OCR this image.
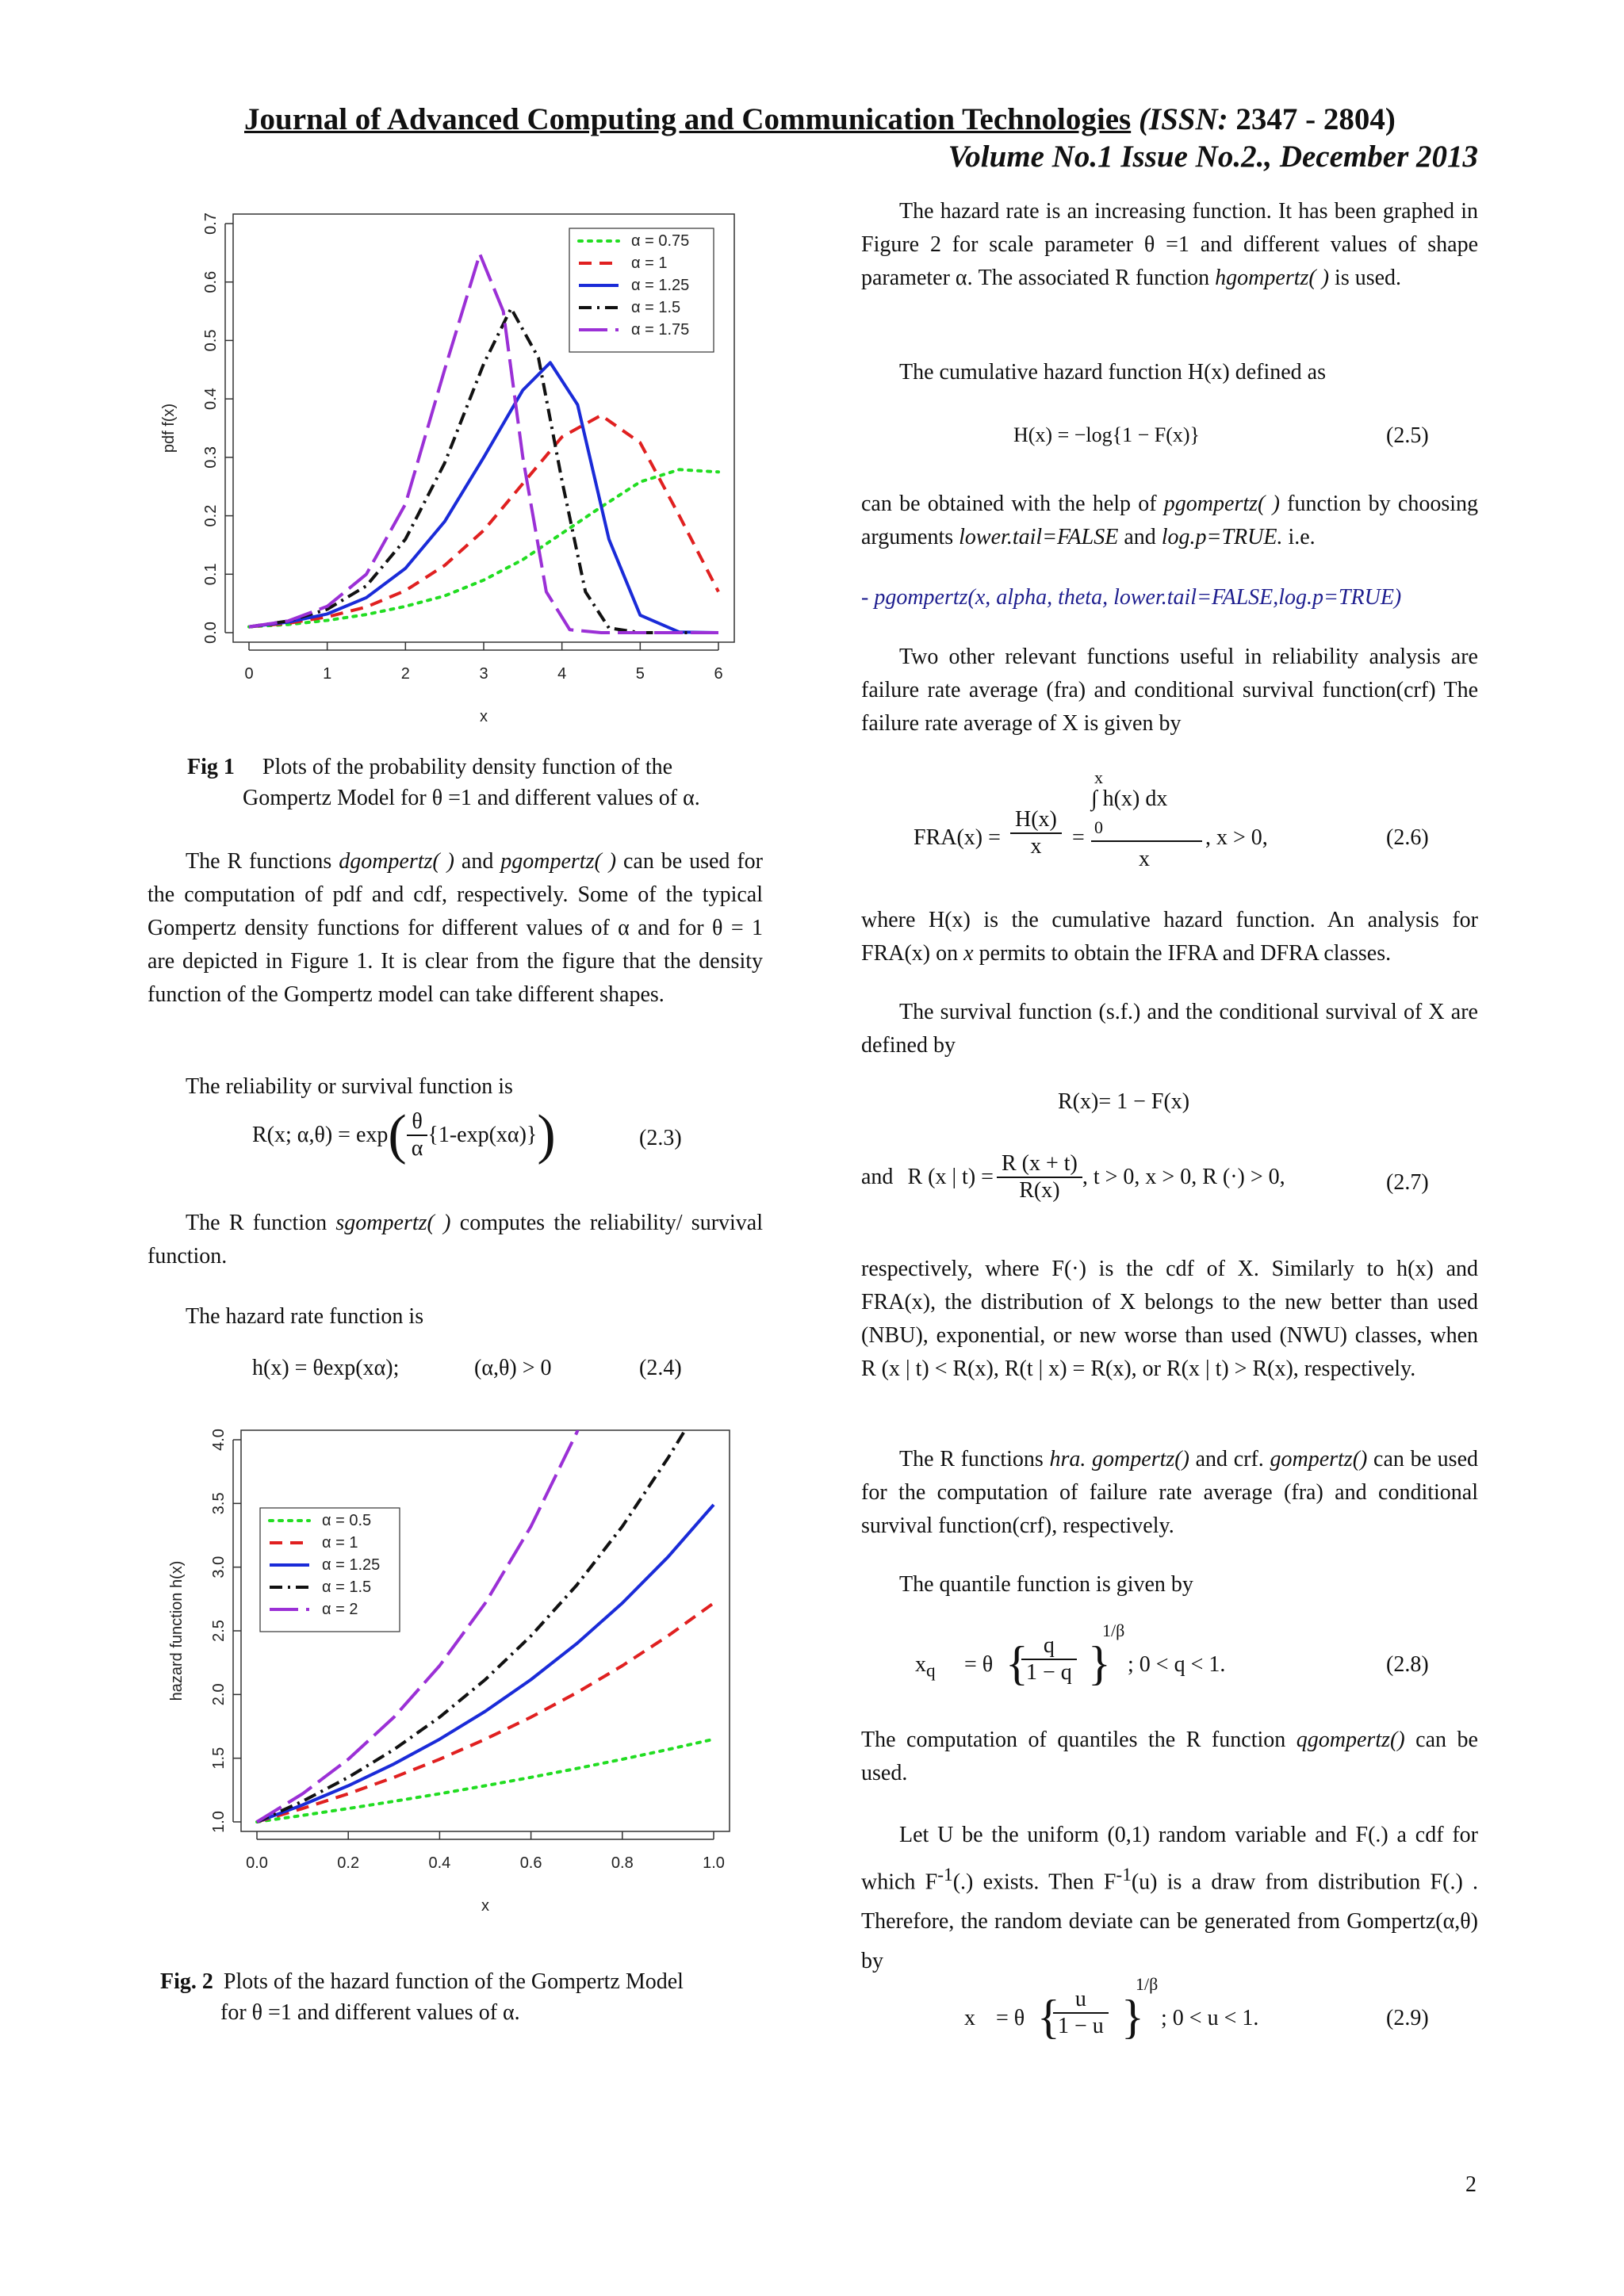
Journal of Advanced Computing and Communication Technologies (ISSN: 2347 - 2804)
Volume No.1 Issue No.2., December 2013
0	1	2	3	4	5	6
0.0
0.1
0.2
0.3
0.4
0.5
0.6
0.7
x
pdf f(x)
α = 0.75
α = 1
α = 1.25
α = 1.5
α = 1.75
Fig 1 Plots of the probability density function of the
Gompertz Model for θ =1 and different values of α.

The R functions dgompertz( ) and pgompertz( ) can be used for the computation of pdf and cdf, respectively. Some of the typical Gompertz density functions for different values of α and for θ = 1 are depicted in Figure 1. It is clear from the figure that the density function of the Gompertz model can take different shapes.

The reliability or survival function is

R(x; $\alpha,\theta) = \exp( \frac{\theta}{\alpha} \{1-\exp(x\alpha)\})$	(2.3)

The R function sgompertz( ) computes the reliability/ survival function.

The hazard rate function is

h(x) = θexp(xα);	(α,θ) > 0	(2.4)
0.0	0.2	0.4	0.6	0.8	1.0
1.0
1.5
2.0
2.5
3.0
3.5
4.0
x
hazard function h(x)
α = 0.5
α = 1
α = 1.25
α = 1.5
α = 2
Fig. 2 Plots of the hazard function of the Gompertz Model
for θ =1 and different values of α.

The hazard rate is an increasing function. It has been graphed in Figure 2 for scale parameter θ =1 and different values of shape parameter α. The associated R function hgompertz( ) is used.

The cumulative hazard function H(x) defined as

H(x) = −log{1 − F(x)}	(2.5)

can be obtained with the help of pgompertz( ) function by choosing arguments lower.tail=FALSE and log.p=TRUE. i.e.

- pgompertz(x, alpha, theta, lower.tail=FALSE,log.p=TRUE)

Two other relevant functions useful in reliability analysis are failure rate average (fra) and conditional survival function(crf) The failure rate average of X is given by

$FRA(x) = \frac{H(x)}{x}$ =
x
∫ h(x) dx
0
x
, x > 0,	(2.6)

where H(x) is the cumulative hazard function. An analysis for FRA(x) on x permits to obtain the IFRA and DFRA classes.

The survival function (s.f.) and the conditional survival of X are defined by

R(x)= 1 − F(x)
and R (x | $t) = \frac{R (x + t)}{R(x)}$ , t > 0, x > 0, R (·) > 0,	(2.7)

respectively, where F(·) is the cdf of X. Similarly to h(x) and FRA(x), the distribution of X belongs to the new better than used (NBU), exponential, or new worse than used (NWU) classes, when R (x | t) < R(x), R(t | x) = R(x), or R(x | t) > R(x), respectively.

The R functions hra. gompertz() and crf. gompertz() can be used for the computation of failure rate average (fra) and conditional survival function(crf), respectively.

The quantile function is given by

$x_q = \theta$ {
$\frac{q}{1 - q}$ }
1/β
; 0 < q < 1.	(2.8)

The computation of quantiles the R function qgompertz() can be used.

Let U be the uniform (0,1) random variable and F(.) a cdf for which $F^{-1}(.)$ exists. Then $F^{-1}(u)$ is a draw from distribution F(.) . Therefore, the random deviate can be generated from Gompertz(α,θ) by

x = θ {
$\frac{u}{1 - u}$ }
1/β
; 0 < u < 1.	(2.9)
2
